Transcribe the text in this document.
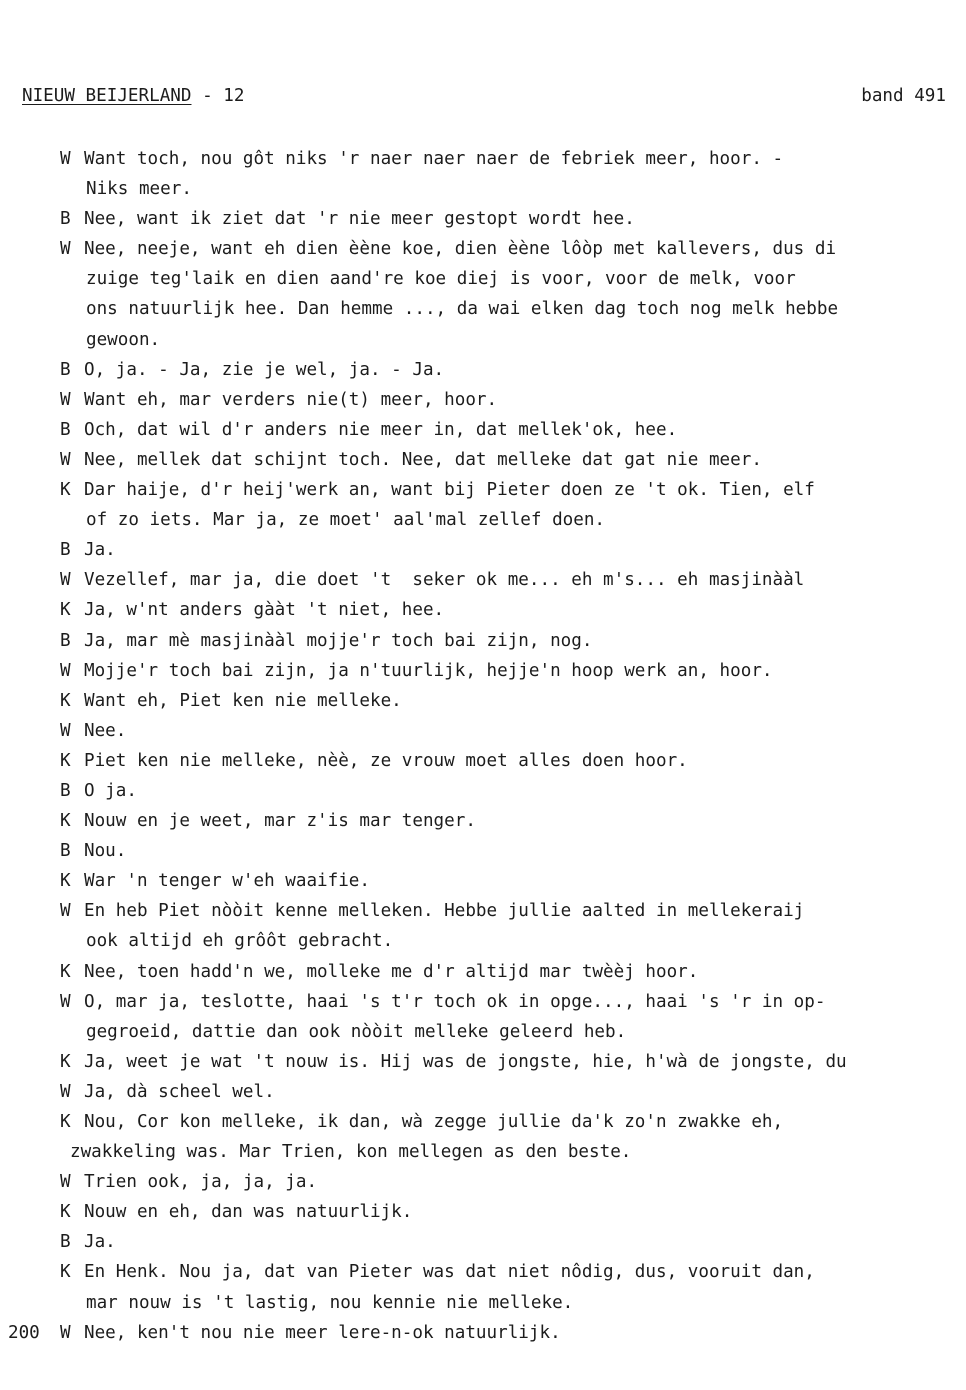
NIEUW BEIJERLAND - 12	band 491
W Want toch, nou gôt niks 'r naer naer naer de febriek meer, hoor. -
Niks meer.
B Nee, want ik ziet dat 'r nie meer gestopt wordt hee.
W Nee, neeje, want eh dien èène koe, dien èène lôòp met kallevers, dus di
zuige teg'laik en dien aand're koe diej is voor, voor de melk, voor
ons natuurlijk hee. Dan hemme ..., da wai elken dag toch nog melk hebbe
gewoon.
B O, ja. - Ja, zie je wel, ja. - Ja.
W Want eh, mar verders nie(t) meer, hoor.
B Och, dat wil d'r anders nie meer in, dat mellek'ok, hee.
W Nee, mellek dat schijnt toch. Nee, dat melleke dat gat nie meer.
K Dar haije, d'r heij'werk an, want bij Pieter doen ze 't ok. Tien, elf
of zo iets. Mar ja, ze moet' aal'mal zellef doen.
B Ja.
W Vezellef, mar ja, die doet 't  seker ok me... eh m's... eh masjinààl
K Ja, w'nt anders gààt 't niet, hee.
B Ja, mar mè masjinààl mojje'r toch bai zijn, nog.
W Mojje'r toch bai zijn, ja n'tuurlijk, hejje'n hoop werk an, hoor.
K Want eh, Piet ken nie melleke.
W Nee.
K Piet ken nie melleke, nèè, ze vrouw moet alles doen hoor.
B O ja.
K Nouw en je weet, mar z'is mar tenger.
B Nou.
K War 'n tenger w'eh waaifie.
W En heb Piet nòòit kenne melleken. Hebbe jullie aalted in mellekeraij
ook altijd eh grôôt gebracht.
K Nee, toen hadd'n we, molleke me d'r altijd mar twèèj hoor.
W O, mar ja, teslotte, haai 's t'r toch ok in opge..., haai 's 'r in op-
gegroeid, dattie dan ook nòòit melleke geleerd heb.
K Ja, weet je wat 't nouw is. Hij was de jongste, hie, h'wà de jongste, du
W Ja, dà scheel wel.
K Nou, Cor kon melleke, ik dan, wà zegge jullie da'k zo'n zwakke eh,
zwakkeling was. Mar Trien, kon mellegen as den beste.
W Trien ook, ja, ja, ja.
K Nouw en eh, dan was natuurlijk.
B Ja.
K En Henk. Nou ja, dat van Pieter was dat niet nôdig, dus, vooruit dan,
mar nouw is 't lastig, nou kennie nie melleke.
200	W Nee, ken't nou nie meer lere-n-ok natuurlijk.
